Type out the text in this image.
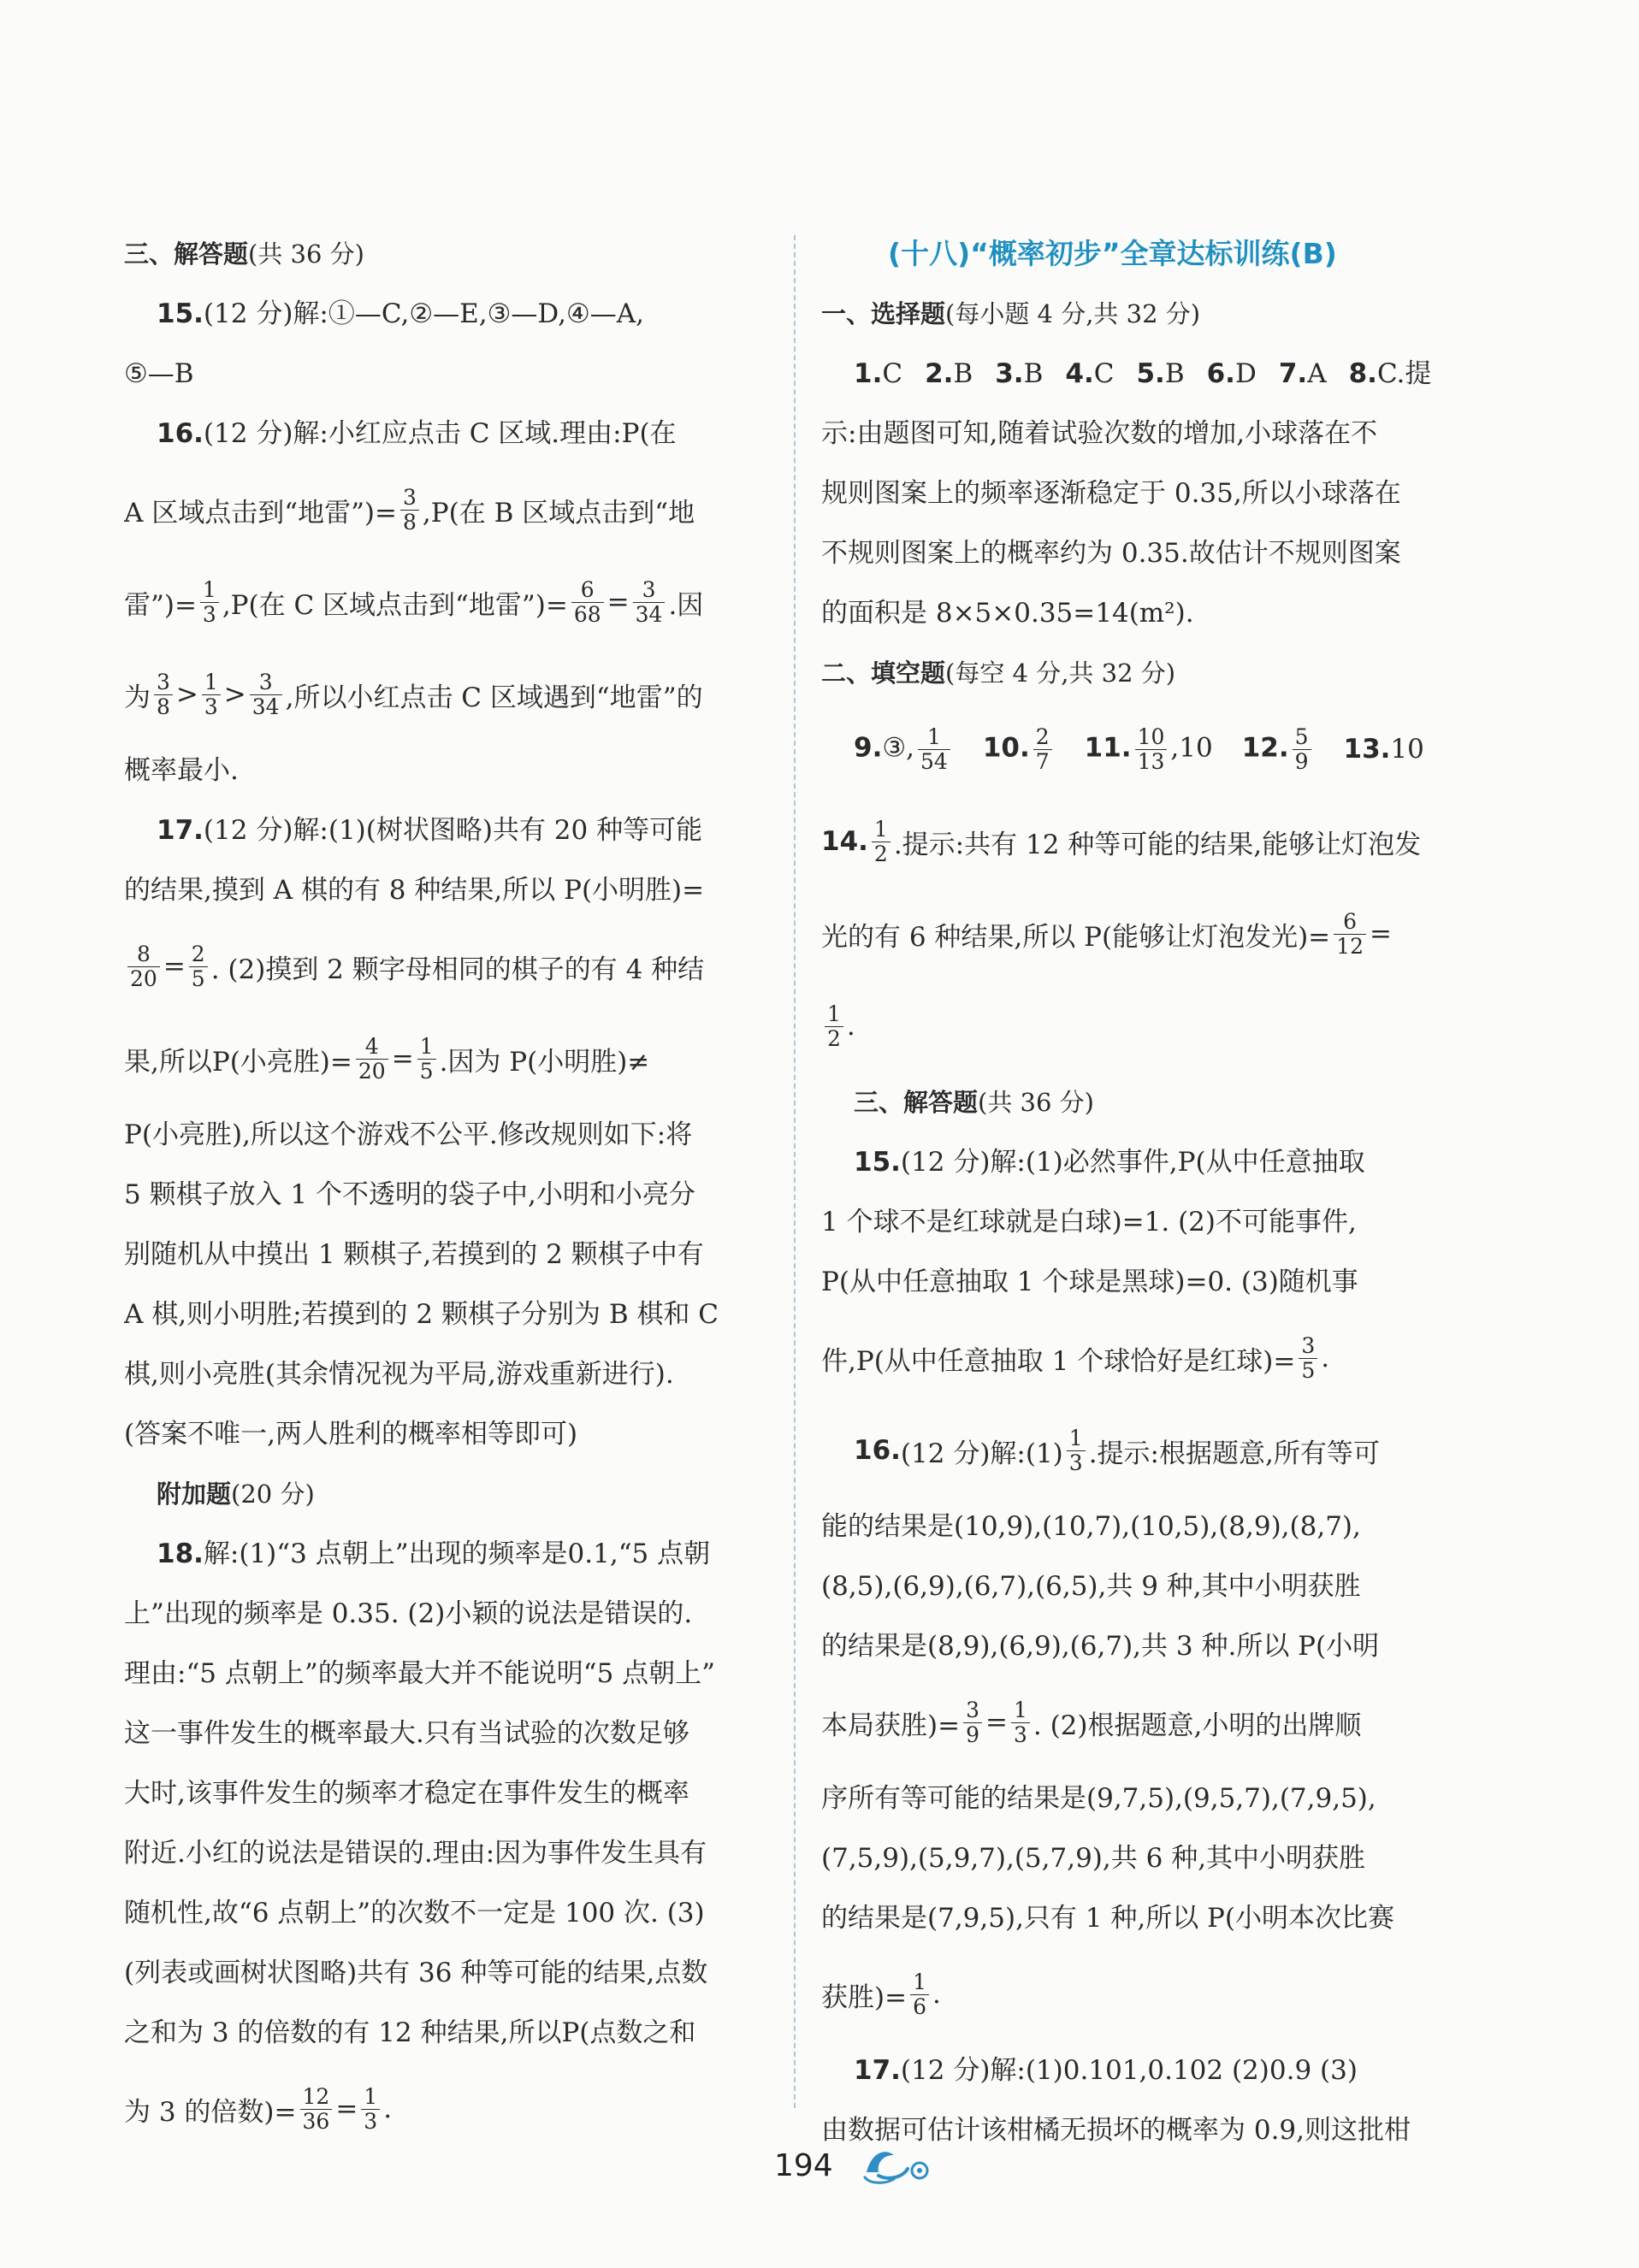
三、解答题(共 36 分)
15.(12 分)解:①—C,②—E,③—D,④—A,
⑤—B
16.(12 分)解:小红应点击 C 区域.理由:P(在
A 区域点击到“地雷”)= $\frac{3}{8} ,P$(在 B 区域点击到“地
雷”)= $\frac{1}{3} ,P$(在 C 区域点击到“地雷”)= $\frac{6}{68} = \frac{3}{34}$ .因
为 $\frac{3}{8} > \frac{1}{3} > \frac{3}{34}$ ,所以小红点击 C 区域遇到“地雷”的
概率最小.
17.(12 分)解:(1)(树状图略)共有 20 种等可能
的结果,摸到 A 棋的有 8 种结果,所以 P(小明胜)=
$\frac{8}{20} = \frac{2}{5}$ . (2)摸到 2 颗字母相同的棋子的有 4 种结
果,所以P(小亮胜)= $\frac{4}{20} = \frac{1}{5}$ .因为 P(小明胜)≠
P(小亮胜),所以这个游戏不公平.修改规则如下:将
5 颗棋子放入 1 个不透明的袋子中,小明和小亮分
别随机从中摸出 1 颗棋子,若摸到的 2 颗棋子中有
A 棋,则小明胜;若摸到的 2 颗棋子分别为 B 棋和 C
棋,则小亮胜(其余情况视为平局,游戏重新进行).
(答案不唯一,两人胜利的概率相等即可)
附加题(20 分)
18.解:(1)“3 点朝上”出现的频率是0.1,“5 点朝
上”出现的频率是 0.35. (2)小颖的说法是错误的.
理由:“5 点朝上”的频率最大并不能说明“5 点朝上”
这一事件发生的概率最大.只有当试验的次数足够
大时,该事件发生的频率才稳定在事件发生的概率
附近.小红的说法是错误的.理由:因为事件发生具有
随机性,故“6 点朝上”的次数不一定是 100 次. (3)
(列表或画树状图略)共有 36 种等可能的结果,点数
之和为 3 的倍数的有 12 种结果,所以P(点数之和
为 3 的倍数)= $\frac{12}{36} = \frac{1}{3}$ .
(十八)“概率初步”全章达标训练(B)
一、选择题(每小题 4 分,共 32 分)
1.C 2.B 3.B 4.C 5.B 6.D 7.A 8.C.提
示:由题图可知,随着试验次数的增加,小球落在不
规则图案上的频率逐渐稳定于 0.35,所以小球落在
不规则图案上的概率约为 0.35.故估计不规则图案
的面积是 8×5×0.35=14(m²).
二、填空题(每空 4 分,共 32 分)
9.③, $\frac{1}{54} 10$. $\frac{2}{7} 11$. $\frac{10}{13} ,10$ 12. $\frac{5}{9} 13.10$
14. $\frac{1}{2}$ .提示:共有 12 种等可能的结果,能够让灯泡发
光的有 6 种结果,所以 P(能够让灯泡发光)= $\frac{6}{12}$ =
$\frac{1}{2}$ .
三、解答题(共 36 分)
15.(12 分)解:(1)必然事件,P(从中任意抽取
1 个球不是红球就是白球)=1. (2)不可能事件,
P(从中任意抽取 1 个球是黑球)=0. (3)随机事
件,P(从中任意抽取 1 个球恰好是红球)= $\frac{3}{5}$ .
16. (12 分)解:(1) $\frac{1}{3}$ .提示:根据题意,所有等可
能的结果是(10,9),(10,7),(10,5),(8,9),(8,7),
(8,5),(6,9),(6,7),(6,5),共 9 种,其中小明获胜
的结果是(8,9),(6,9),(6,7),共 3 种.所以 P(小明
本局获胜)= $\frac{3}{9} = \frac{1}{3}$ . (2)根据题意,小明的出牌顺
序所有等可能的结果是(9,7,5),(9,5,7),(7,9,5),
(7,5,9),(5,9,7),(5,7,9),共 6 种,其中小明获胜
的结果是(7,9,5),只有 1 种,所以 P(小明本次比赛
获胜)= $\frac{1}{6}$ .
17.(12 分)解:(1)0.101,0.102 (2)0.9 (3)
由数据可估计该柑橘无损坏的概率为 0.9,则这批柑
194
